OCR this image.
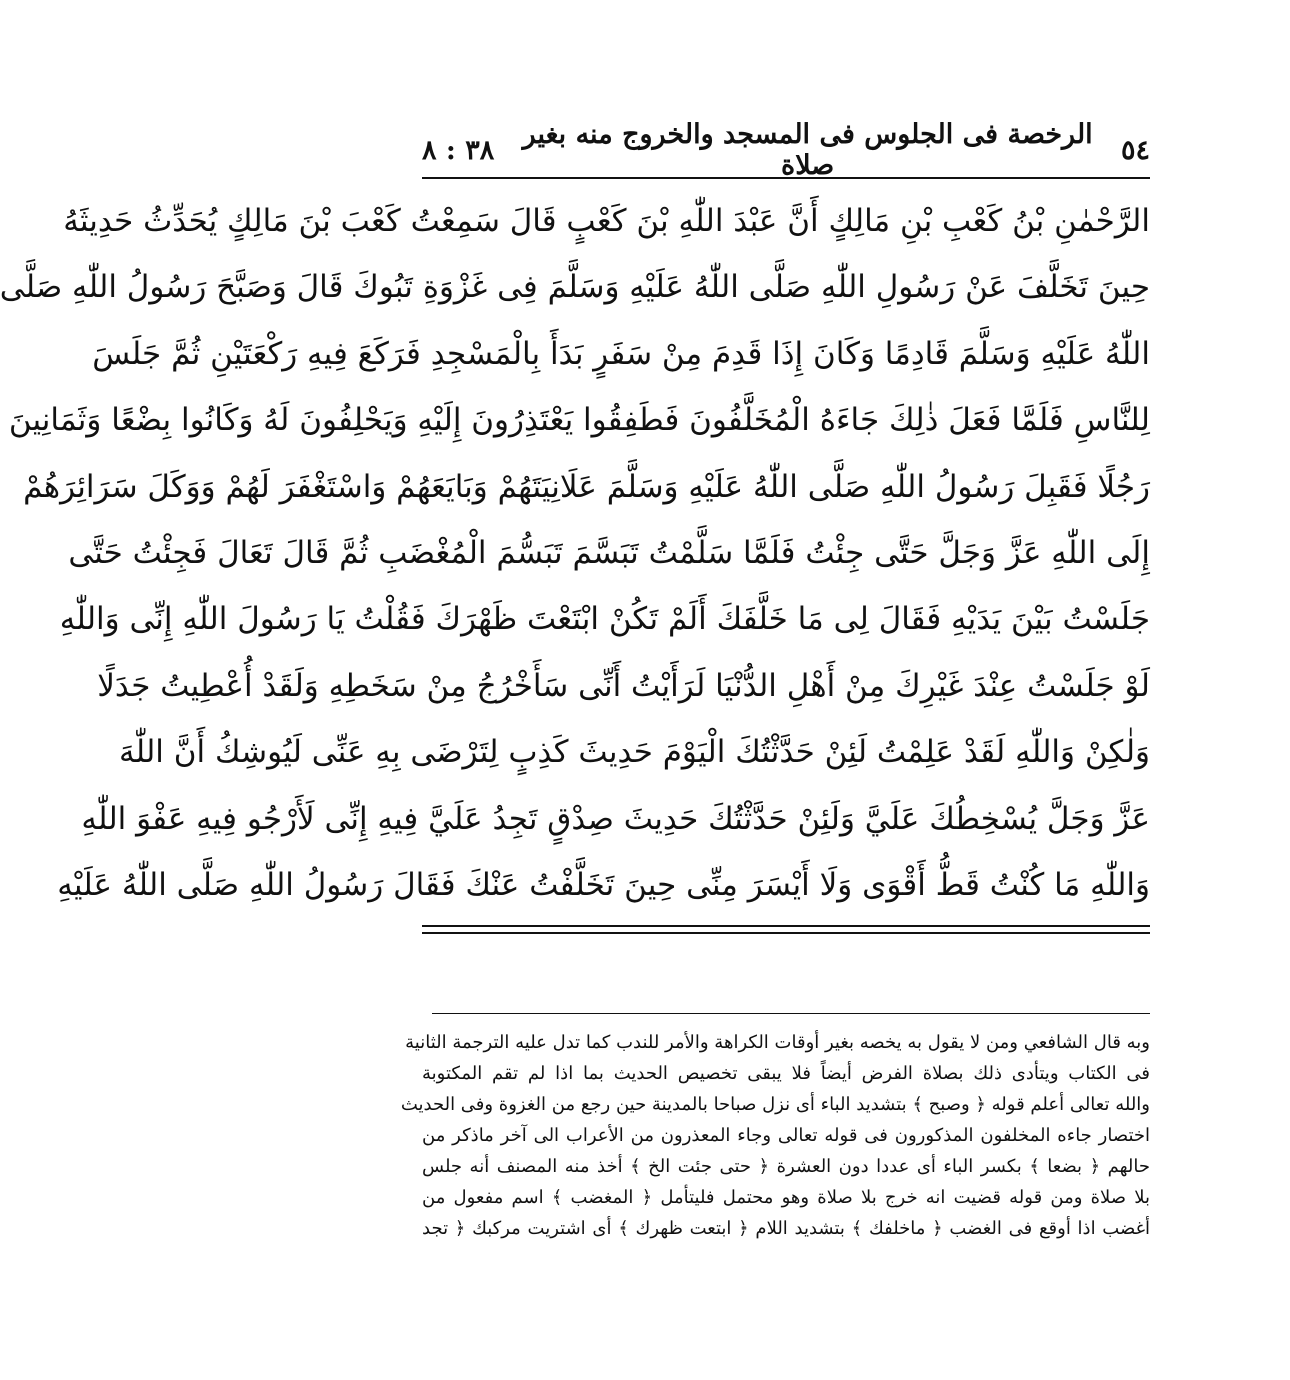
٥٤
الرخصة فى الجلوس فى المسجد والخروج منه بغير صلاة
٣٨ : ٨
الرَّحْمٰنِ بْنُ كَعْبِ بْنِ مَالِكٍ أَنَّ عَبْدَ اللّٰهِ بْنَ كَعْبٍ قَالَ سَمِعْتُ كَعْبَ بْنَ مَالِكٍ يُحَدِّثُ حَدِيثَهُ
حِينَ تَخَلَّفَ عَنْ رَسُولِ اللّٰهِ صَلَّى اللّٰهُ عَلَيْهِ وَسَلَّمَ فِى غَزْوَةِ تَبُوكَ قَالَ وَصَبَّحَ رَسُولُ اللّٰهِ صَلَّى
اللّٰهُ عَلَيْهِ وَسَلَّمَ قَادِمًا وَكَانَ إِذَا قَدِمَ مِنْ سَفَرٍ بَدَأَ بِالْمَسْجِدِ فَرَكَعَ فِيهِ رَكْعَتَيْنِ ثُمَّ جَلَسَ
لِلنَّاسِ فَلَمَّا فَعَلَ ذٰلِكَ جَاءَهُ الْمُخَلَّفُونَ فَطَفِقُوا يَعْتَذِرُونَ إِلَيْهِ وَيَحْلِفُونَ لَهُ وَكَانُوا بِضْعًا وَثَمَانِينَ
رَجُلًا فَقَبِلَ رَسُولُ اللّٰهِ صَلَّى اللّٰهُ عَلَيْهِ وَسَلَّمَ عَلَانِيَتَهُمْ وَبَايَعَهُمْ وَاسْتَغْفَرَ لَهُمْ وَوَكَلَ سَرَائِرَهُمْ
إِلَى اللّٰهِ عَزَّ وَجَلَّ حَتَّى جِئْتُ فَلَمَّا سَلَّمْتُ تَبَسَّمَ تَبَسُّمَ الْمُغْضَبِ ثُمَّ قَالَ تَعَالَ فَجِئْتُ حَتَّى
جَلَسْتُ بَيْنَ يَدَيْهِ فَقَالَ لِى مَا خَلَّفَكَ أَلَمْ تَكُنْ ابْتَعْتَ ظَهْرَكَ فَقُلْتُ يَا رَسُولَ اللّٰهِ إِنِّى وَاللّٰهِ
لَوْ جَلَسْتُ عِنْدَ غَيْرِكَ مِنْ أَهْلِ الدُّنْيَا لَرَأَيْتُ أَنِّى سَأَخْرُجُ مِنْ سَخَطِهِ وَلَقَدْ أُعْطِيتُ جَدَلًا
وَلٰكِنْ وَاللّٰهِ لَقَدْ عَلِمْتُ لَئِنْ حَدَّثْتُكَ الْيَوْمَ حَدِيثَ كَذِبٍ لِتَرْضَى بِهِ عَنِّى لَيُوشِكُ أَنَّ اللّٰهَ
عَزَّ وَجَلَّ يُسْخِطُكَ عَلَيَّ وَلَئِنْ حَدَّثْتُكَ حَدِيثَ صِدْقٍ تَجِدُ عَلَيَّ فِيهِ إِنِّى لَأَرْجُو فِيهِ عَفْوَ اللّٰهِ
وَاللّٰهِ مَا كُنْتُ قَطُّ أَقْوَى وَلَا أَيْسَرَ مِنِّى حِينَ تَخَلَّفْتُ عَنْكَ فَقَالَ رَسُولُ اللّٰهِ صَلَّى اللّٰهُ عَلَيْهِ
وبه قال الشافعي ومن لا يقول به يخصه بغير أوقات الكراهة والأمر للندب كما تدل عليه الترجمة الثانية
فى الكتاب ويتأدى ذلك بصلاة الفرض أيضاً فلا يبقى تخصيص الحديث بما اذا لم تقم المكتوبة
والله تعالى أعلم قوله ﴿ وصبح ﴾ بتشديد الباء أى نزل صباحا بالمدينة حين رجع من الغزوة وفى الحديث
اختصار جاءه المخلفون المذكورون فى قوله تعالى وجاء المعذرون من الأعراب الى آخر ماذكر من
حالهم ﴿ بضعا ﴾ بكسر الباء أى عددا دون العشرة ﴿ حتى جئت الخ ﴾ أخذ منه المصنف أنه جلس
بلا صلاة ومن قوله قضيت انه خرج بلا صلاة وهو محتمل فليتأمل ﴿ المغضب ﴾ اسم مفعول من
أغضب اذا أوقع فى الغضب ﴿ ماخلفك ﴾ بتشديد اللام ﴿ ابتعت ظهرك ﴾ أى اشتريت مركبك ﴿ تجد
